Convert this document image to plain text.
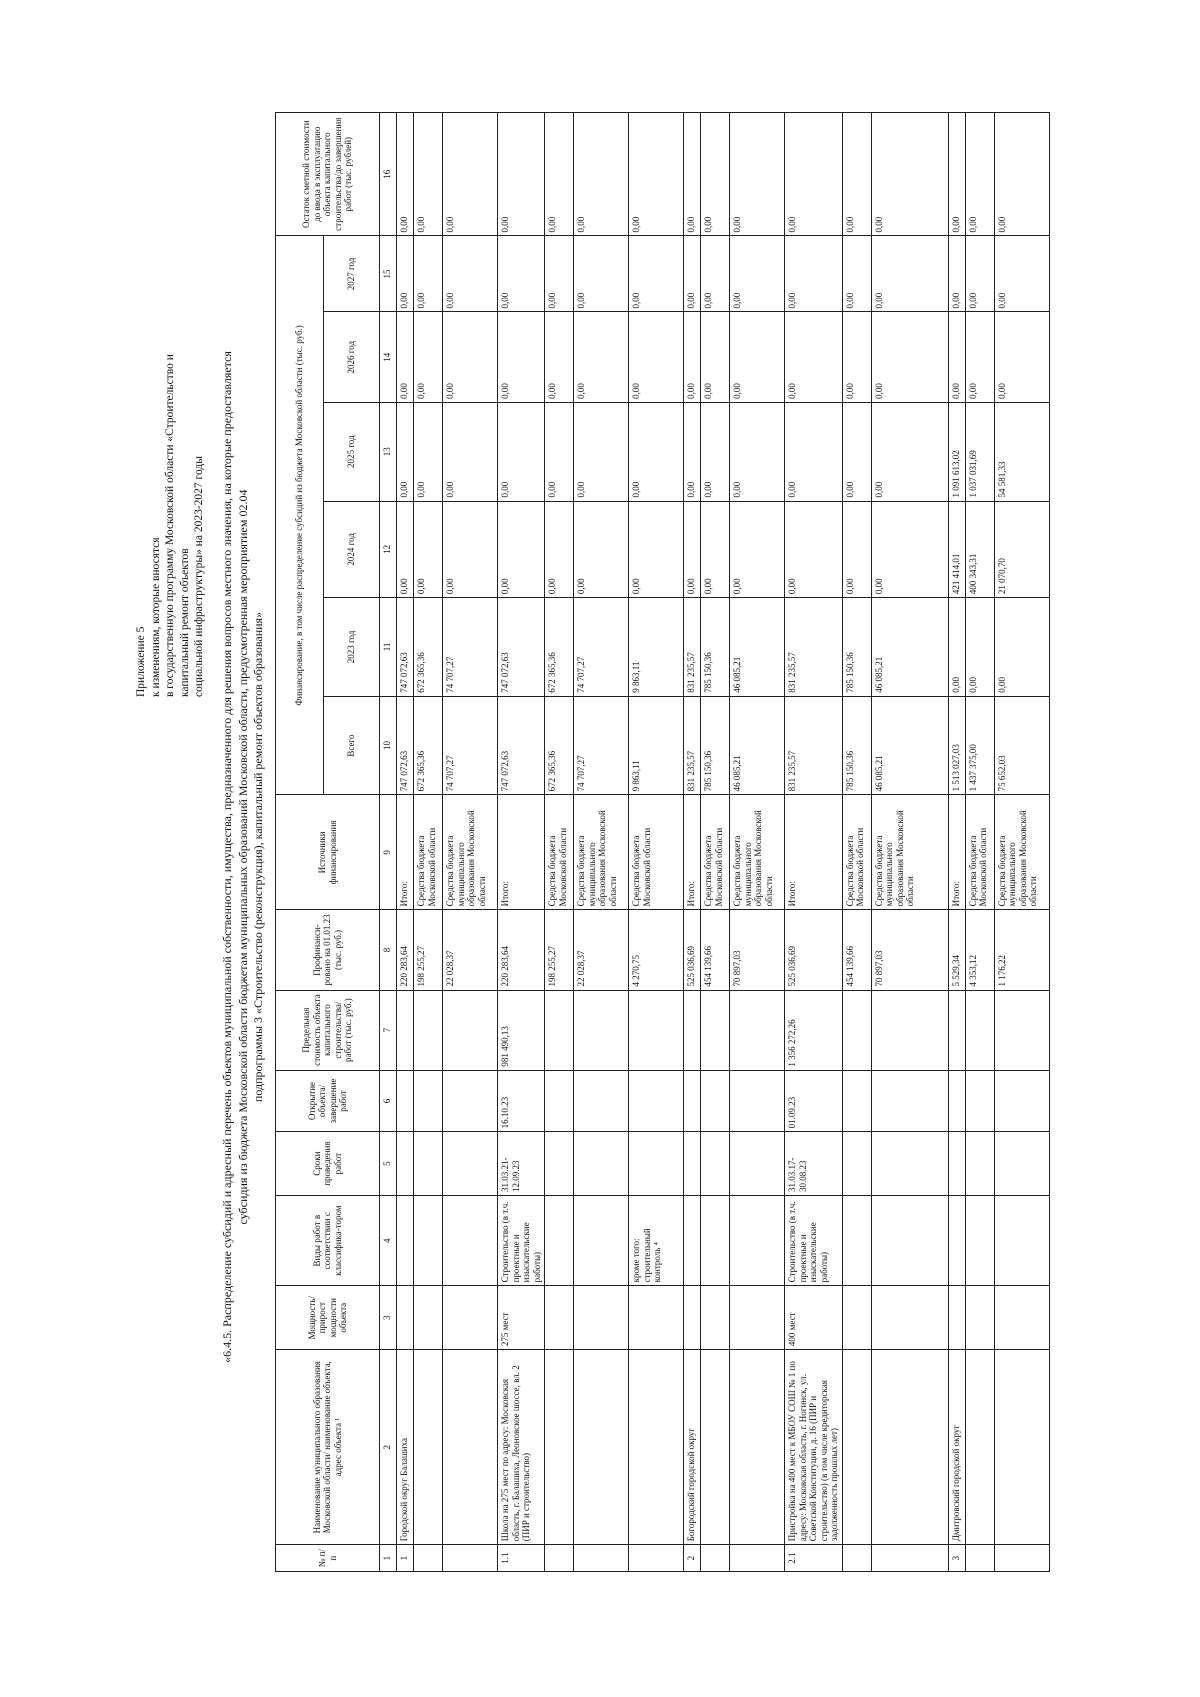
Приложение 5 к изменениям, которые вносятся в государственную программу Московской области «Строительство и капитальный ремонт объектов социальной инфраструктуры» на 2023-2027 годы «6.4.5. Распределение субсидий и адресный перечень объектов муниципальной собственности, имущества, предназначенного для решения вопросов местного значения, на которые предоставляется субсидия из бюджета Московской области бюджетам муниципальных образований Московской области, предусмотренная мероприятием 02.04 подпрограммы 3 «Строительство (реконструкция), капитальный ремонт объектов образования»
№ п/п	Наименование муниципального образования Московской области/ наименование объекта, адрес объекта ¹	Мощность/ прирост мощности объекта	Виды работ в соответствии с классифика-тором	Сроки проведения работ	Открытие объекта/ завершение работ	Предельная стоимость объекта капитального строительства/ работ (тыс. руб.)	Профинанси-ровано на 01.01.23 (тыс. руб.)	Источники финансирования	Финансирование, в том числе распределение субсидий из бюджета Московской области (тыс. руб.)						Остаток сметной стоимости до ввода в эксплуатацию объекта капитального строительства/до завершения работ (тыс. рублей)
									Всего	2023 год	2024 год	2025 год	2026 год	2027 год	
1	2	3	4	5	6	7	8	9	10	11	12	13	14	15	16
1	Городской округ Балашиха						220 283,64	Итого:	747 072,63	747 072,63	0,00	0,00	0,00	0,00	0,00
							198 255,27	Средства бюджета Московской области	672 365,36	672 365,36	0,00	0,00	0,00	0,00	0,00
							22 028,37	Средства бюджета муниципального образования Московской области	74 707,27	74 707,27	0,00	0,00	0,00	0,00	0,00
1.1	Школа на 275 мест по адресу: Московская область, г. Балашиха, Леоновское шоссе, вл. 2 (ПИР и строительство)	275 мест	Строительство (в т.ч. проектные и изыскательские работы)	31.03.21-12.09.23	16.10.23	981 490,13	220 283,64	Итого:	747 072,63	747 072,63	0,00	0,00	0,00	0,00	0,00
							198 255,27	Средства бюджета Московской области	672 365,36	672 365,36	0,00	0,00	0,00	0,00	0,00
							22 028,37	Средства бюджета муниципального образования Московской области	74 707,27	74 707,27	0,00	0,00	0,00	0,00	0,00
			кроме того: строительный контроль ⁴				4 270,75	Средства бюджета Московской области	9 863,11	9 863,11	0,00	0,00	0,00	0,00	0,00
2	Богородский городской округ						525 036,69	Итого:	831 235,57	831 235,57	0,00	0,00	0,00	0,00	0,00
							454 139,66	Средства бюджета Московской области	785 150,36	785 150,36	0,00	0,00	0,00	0,00	0,00
							70 897,03	Средства бюджета муниципального образования Московской области	46 085,21	46 085,21	0,00	0,00	0,00	0,00	0,00
2.1	Пристройка на 400 мест к МБОУ СОШ № 1 по адресу: Московская область, г. Ногинск, ул. Советской Конституции, д. 16 (ПИР и строительство) (в том числе кредиторская задолженность прошлых лет)	400 мест	Строительство (в т.ч. проектные и изыскательские работы)	31.03.17-30.08.23	01.09.23	1 356 272,26	525 036,69	Итого:	831 235,57	831 235,57	0,00	0,00	0,00	0,00	0,00
							454 139,66	Средства бюджета Московской области	785 150,36	785 150,36	0,00	0,00	0,00	0,00	0,00
							70 897,03	Средства бюджета муниципального образования Московской области	46 085,21	46 085,21	0,00	0,00	0,00	0,00	0,00
3	Дмитровский городской округ						5 529,34	Итого:	1 513 027,03	0,00	421 414,01	1 091 613,02	0,00	0,00	0,00
							4 353,12	Средства бюджета Московской области	1 437 375,00	0,00	400 343,31	1 037 031,69	0,00	0,00	0,00
							1 176,22	Средства бюджета муниципального образования Московской области	75 652,03	0,00	21 070,70	54 581,33	0,00	0,00	0,00
